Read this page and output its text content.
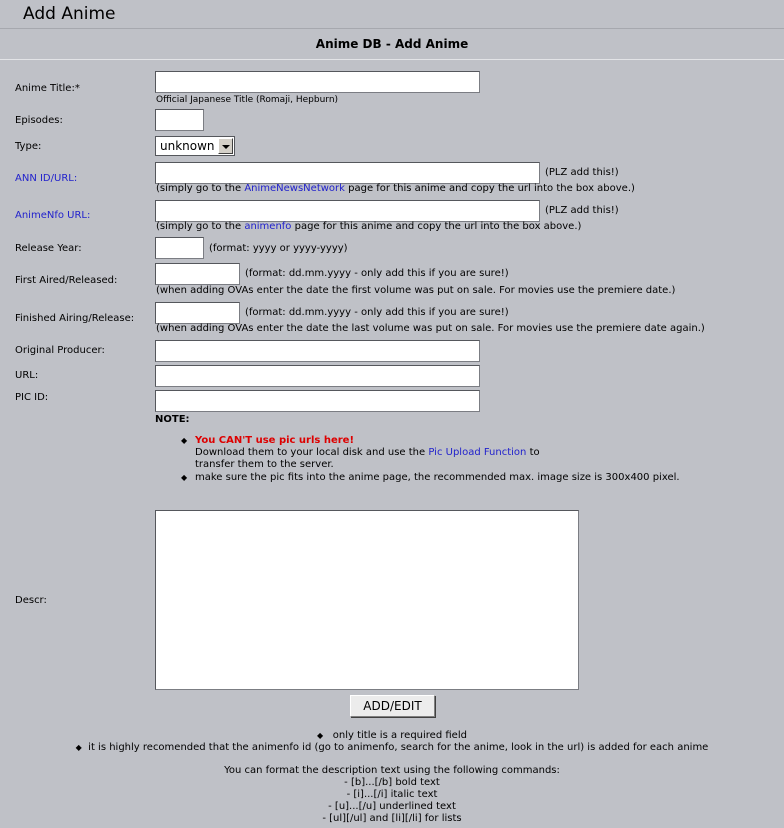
Add Anime
Anime DB - Add Anime
Anime Title:*
Official Japanese Title (Romaji, Hepburn)
Episodes:
Type:	unknown
ANN ID/URL:
(PLZ add this!)
(simply go to the AnimeNewsNetwork page for this anime and copy the url into the box above.)
AnimeNfo URL:	(PLZ add this!)
(simply go to the animenfo page for this anime and copy the url into the box above.)
Release Year:	(format: yyyy or yyyy-yyyy)
First Aired/Released:
(format: dd.mm.yyyy - only add this if you are sure!)
(when adding OVAs enter the date the first volume was put on sale. For movies use the premiere date.)
Finished Airing/Release:
(format: dd.mm.yyyy - only add this if you are sure!)
(when adding OVAs enter the date the last volume was put on sale. For movies use the premiere date again.)
Original Producer:
URL:
PIC ID:
NOTE:
◆ You CAN'T use pic urls here!
Download them to your local disk and use the Pic Upload Function to
transfer them to the server.
◆ make sure the pic fits into the anime page, the recommended max. image size is 300x400 pixel.
Descr:
ADD/EDIT
◆ only title is a required field
◆ it is highly recomended that the animenfo id (go to animenfo, search for the anime, look in the url) is added for each anime
You can format the description text using the following commands:
- [b]...[/b] bold text
- [i]...[/i] italic text
- [u]...[/u] underlined text
- [ul][/ul] and [li][/li] for lists
